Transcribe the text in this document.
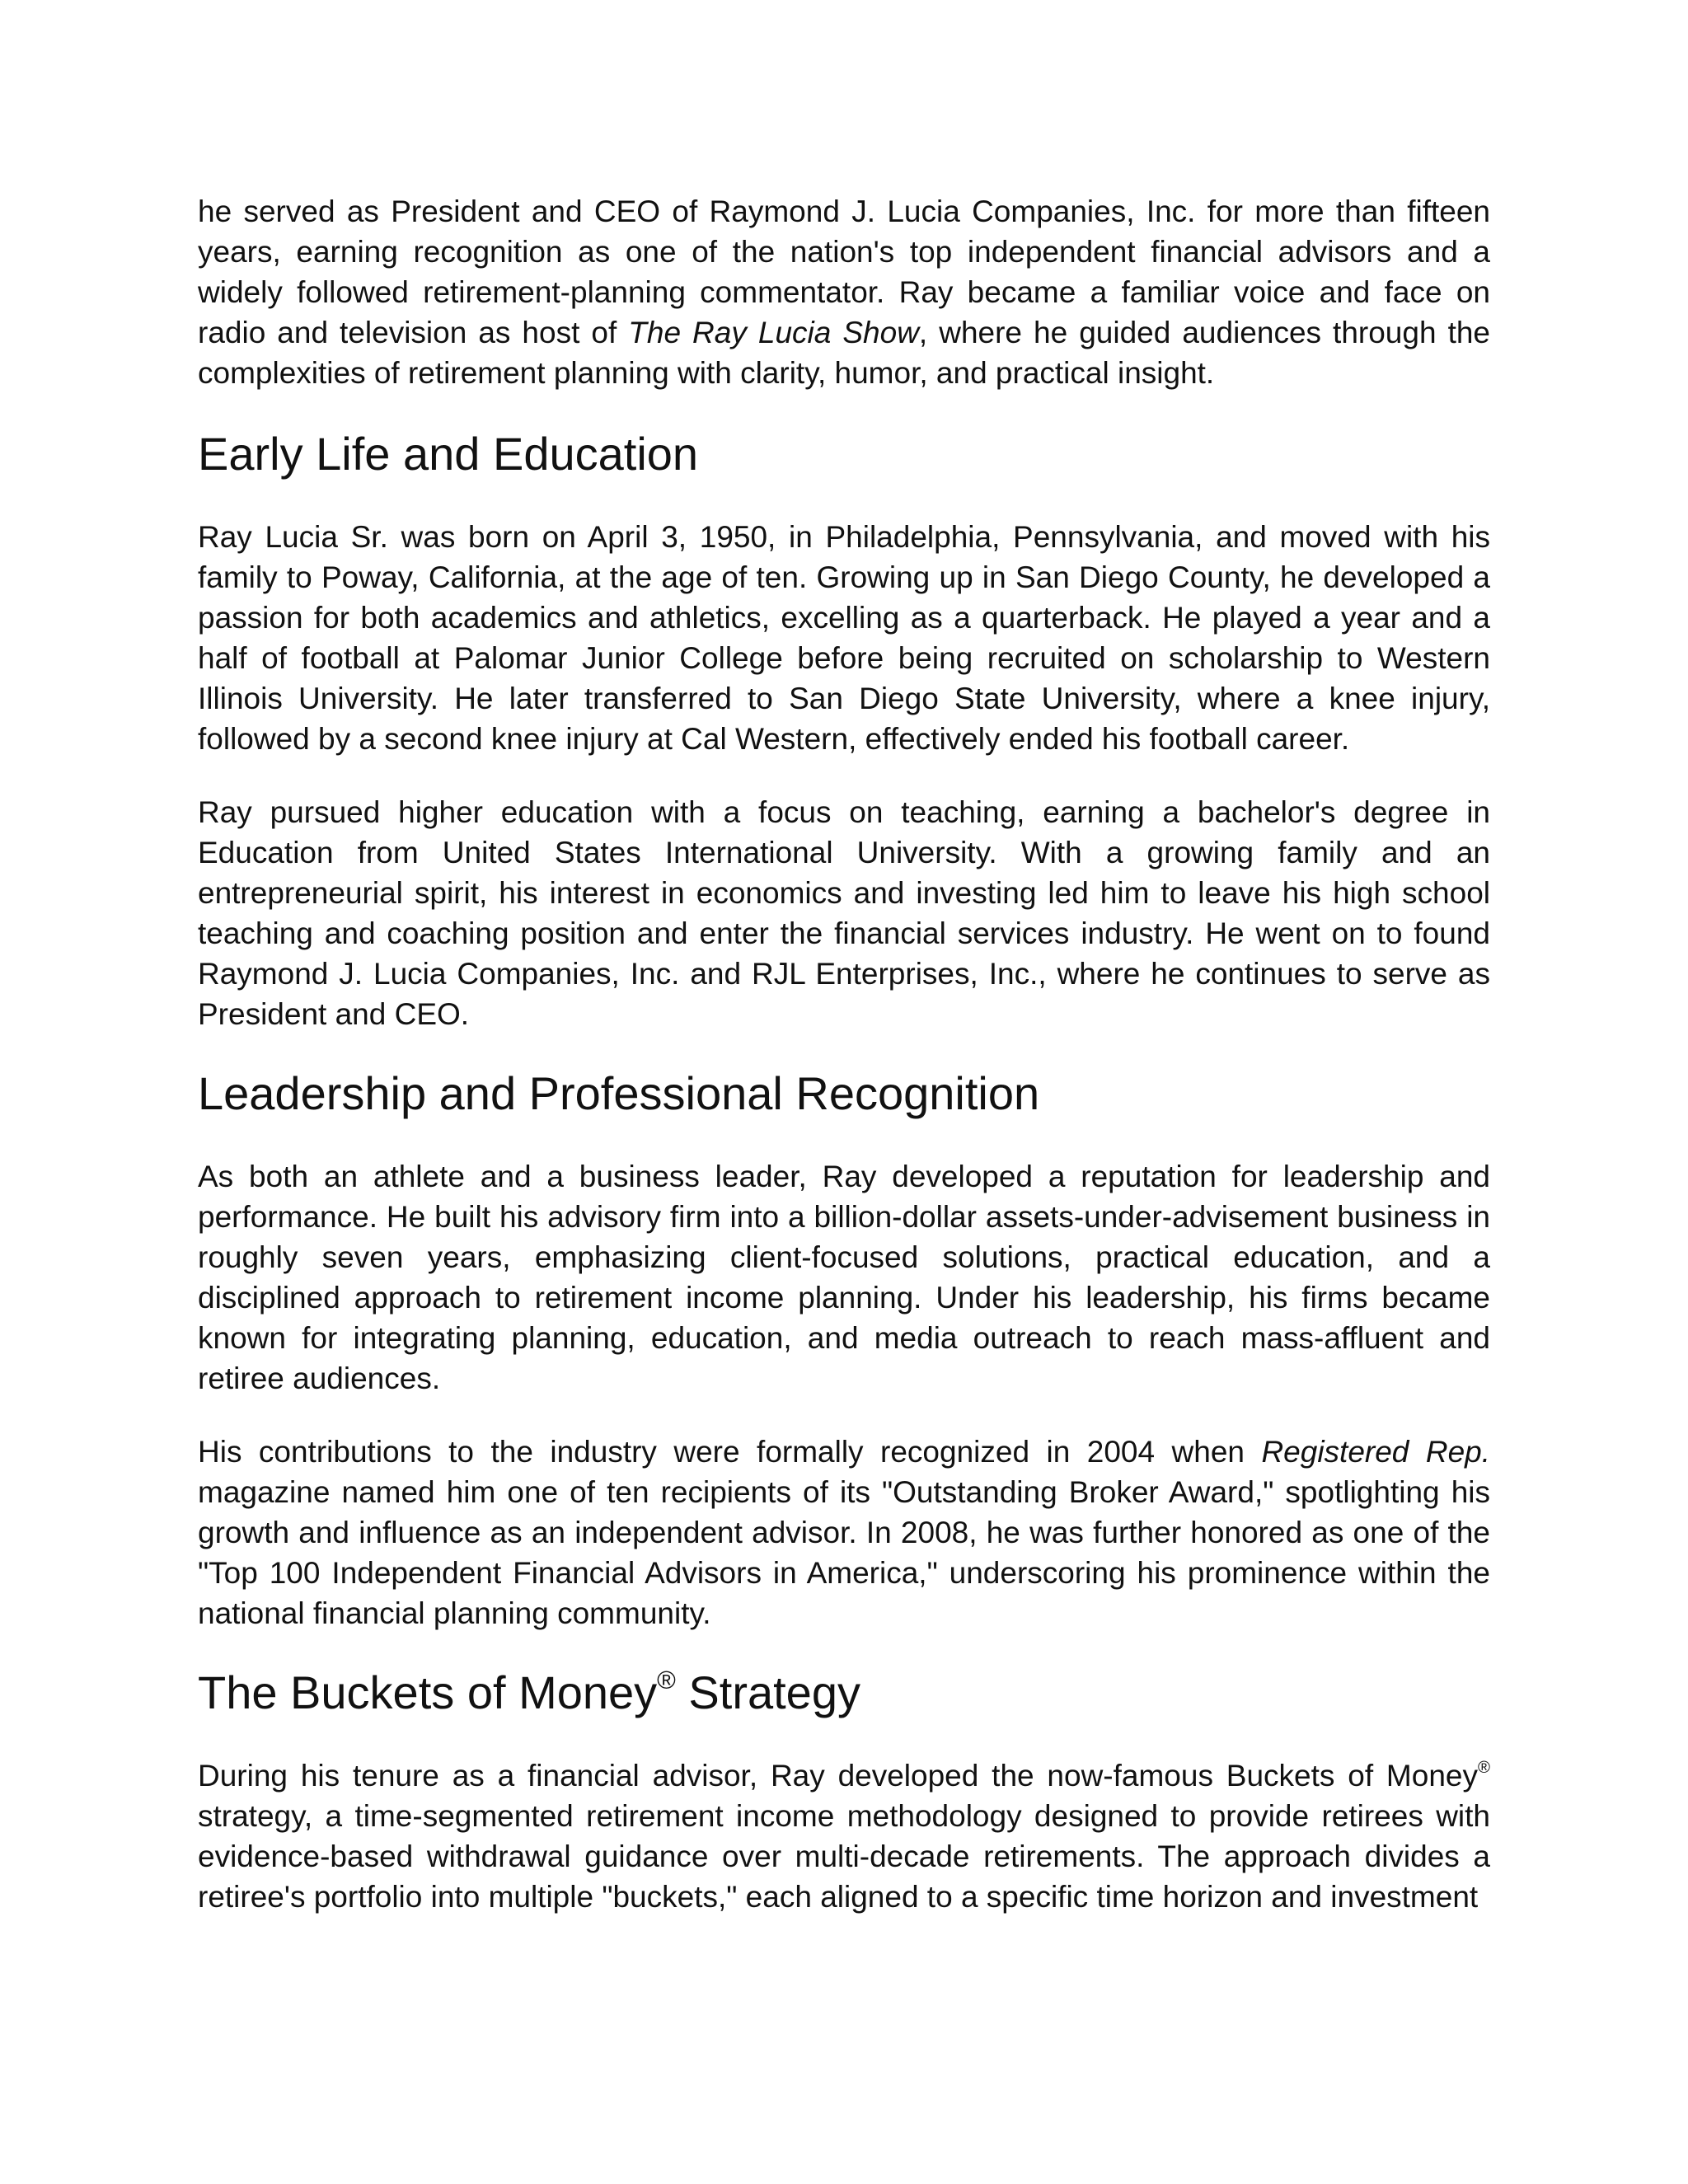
he served as President and CEO of Raymond J. Lucia Companies, Inc. for more than fifteen years, earning recognition as one of the nation's top independent financial advisors and a widely followed retirement-planning commentator. Ray became a familiar voice and face on radio and television as host of The Ray Lucia Show, where he guided audiences through the complexities of retirement planning with clarity, humor, and practical insight.

Early Life and Education

Ray Lucia Sr. was born on April 3, 1950, in Philadelphia, Pennsylvania, and moved with his family to Poway, California, at the age of ten. Growing up in San Diego County, he developed a passion for both academics and athletics, excelling as a quarterback. He played a year and a half of football at Palomar Junior College before being recruited on scholarship to Western Illinois University. He later transferred to San Diego State University, where a knee injury, followed by a second knee injury at Cal Western, effectively ended his football career.

Ray pursued higher education with a focus on teaching, earning a bachelor's degree in Education from United States International University. With a growing family and an entrepreneurial spirit, his interest in economics and investing led him to leave his high school teaching and coaching position and enter the financial services industry. He went on to found Raymond J. Lucia Companies, Inc. and RJL Enterprises, Inc., where he continues to serve as President and CEO.

Leadership and Professional Recognition

As both an athlete and a business leader, Ray developed a reputation for leadership and performance. He built his advisory firm into a billion-dollar assets-under-advisement business in roughly seven years, emphasizing client-focused solutions, practical education, and a disciplined approach to retirement income planning. Under his leadership, his firms became known for integrating planning, education, and media outreach to reach mass-affluent and retiree audiences.

His contributions to the industry were formally recognized in 2004 when Registered Rep. magazine named him one of ten recipients of its "Outstanding Broker Award," spotlighting his growth and influence as an independent advisor. In 2008, he was further honored as one of the "Top 100 Independent Financial Advisors in America," underscoring his prominence within the national financial planning community.

The Buckets of Money® Strategy

During his tenure as a financial advisor, Ray developed the now-famous Buckets of Money® strategy, a time-segmented retirement income methodology designed to provide retirees with evidence-based withdrawal guidance over multi-decade retirements. The approach divides a retiree's portfolio into multiple "buckets," each aligned to a specific time horizon and investment
